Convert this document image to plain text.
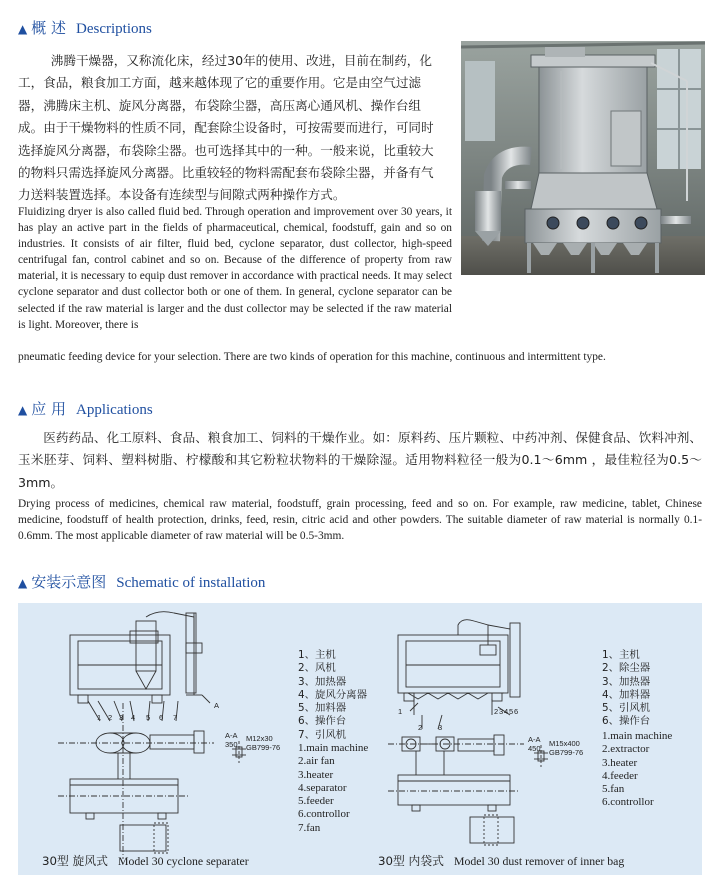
▲ 概 述 Descriptions
沸腾干燥器，又称流化床，经过30年的使用、改进，目前在制药，化
工，食品，粮食加工方面，越来越体现了它的重要作用。它是由空气过滤
器，沸腾床主机、旋风分离器，布袋除尘器，高压离心通风机、操作台组
成。由于干燥物料的性质不同，配套除尘设备时，可按需要而进行，可同时
选择旋风分离器，布袋除尘器。也可选择其中的一种。一般来说，比重较大
的物料只需选择旋风分离器。比重较轻的物料需配套布袋除尘器，并备有气
力送料装置选择。本设备有连续型与间隙式两种操作方式。
Fluidizing dryer is also called fluid bed. Through operation and improvement over 30 years, it has play an active part in the fields of pharmaceutical, chemical, foodstuff, gain and so on industries. It consists of air filter, fluid bed, cyclone separator, dust collector, high-speed centrifugal fan, control cabinet and so on. Because of the difference of property from raw material, it is necessary to equip dust remover in accordance with practical needs. It may select cyclone separator and dust collector both or one of them. In general, cyclone separator can be selected if the raw material is larger and the dust collector may be selected if the raw material is light. Moreover, there is
pneumatic feeding device for your selection. There are two kinds of operation for this machine, continuous and intermittent type.
▲ 应 用 Applications
医药药品、化工原料、食品、粮食加工、饲料的干燥作业。如：原料药、压片颗粒、中药冲剂、保健食品、饮料冲剂、玉米胚芽、饲料、塑料树脂、柠檬酸和其它粉粒状物料的干燥除湿。适用物料粒径一般为0.1～6mm ，最佳粒径为0.5～3mm。
Drying process of medicines, chemical raw material, foodstuff, grain processing, feed and so on. For example, raw medicine, tablet, Chinese medicine, foodstuff of health protection, drinks, feed, resin, citric acid and other powders. The suitable diameter of raw material is normally 0.1-0.6mm. The most applicable diameter of raw material will be 0.5-3mm.
▲ 安装示意图 Schematic of installation
1 2 3 4 5 6 7
A
A-A
350
M12x30
GB799-76
1	2 3 4 5 6
2 3
A-A
450
M15x400
GB799-76
1、主机
2、风机
3、加热器
4、旋风分离器
5、加料器
6、操作台
7、引风机
1.main machine
2.air fan
3.heater
4.separator
5.feeder
6.controllor
7.fan
1、主机
2、除尘器
3、加热器
4、加料器
5、引风机
6、操作台
1.main machine
2.extractor
3.heater
4.feeder
5.fan
6.controllor
30型 旋风式 Model 30 cyclone separater	30型 内袋式 Model 30 dust remover of inner bag
